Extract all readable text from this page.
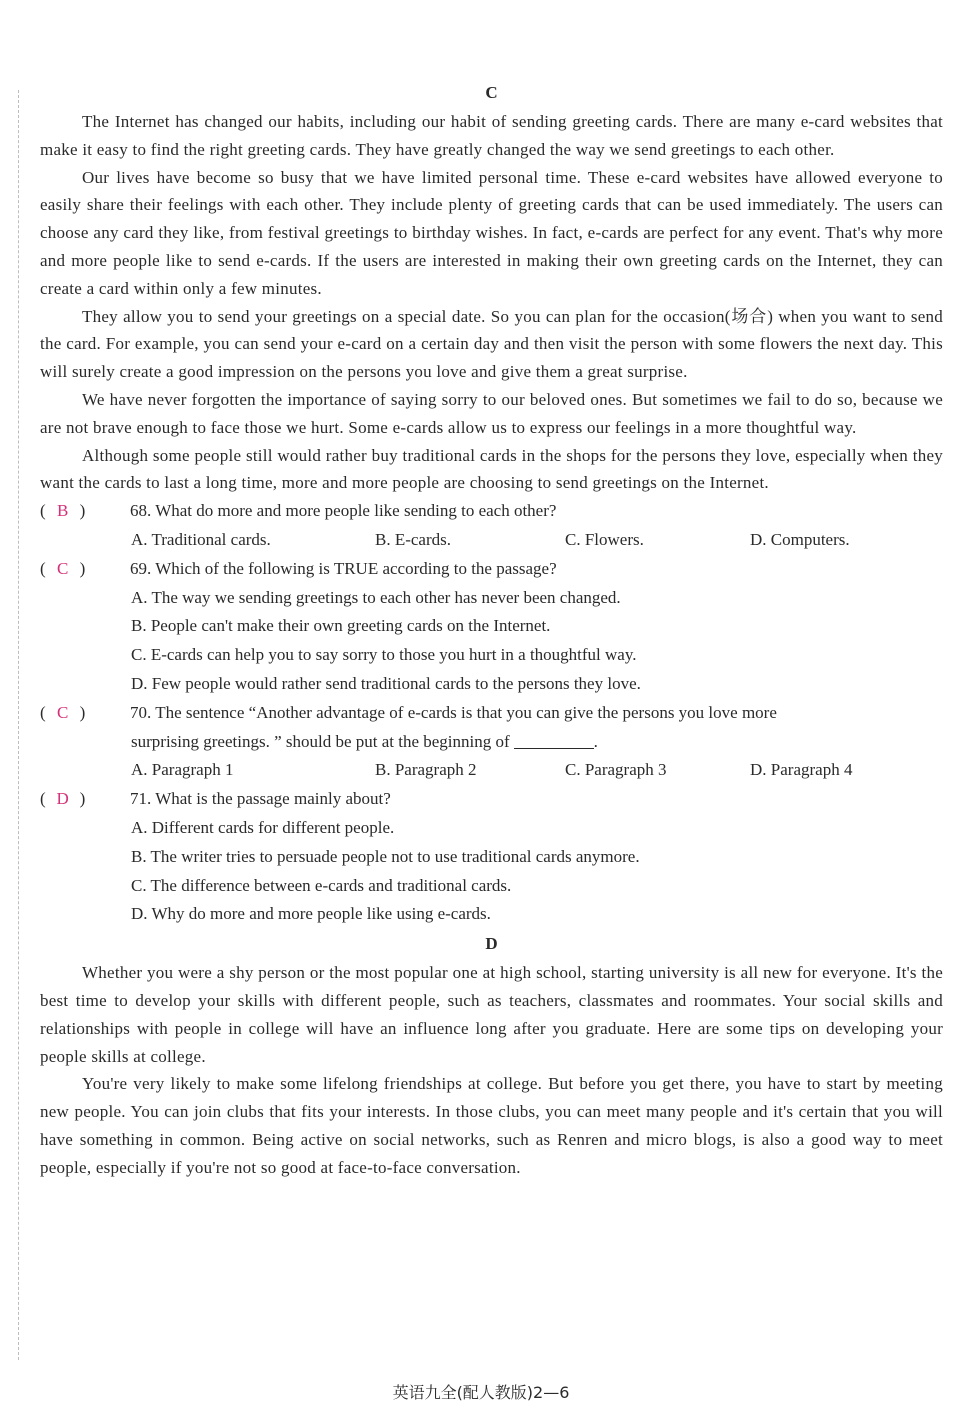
C

The Internet has changed our habits, including our habit of sending greeting cards. There are many e-card websites that make it easy to find the right greeting cards. They have greatly changed the way we send greetings to each other.

Our lives have become so busy that we have limited personal time. These e-card websites have allowed everyone to easily share their feelings with each other. They include plenty of greeting cards that can be used immediately. The users can choose any card they like, from festival greetings to birthday wishes. In fact, e-cards are perfect for any event. That's why more and more people like to send e-cards. If the users are interested in making their own greeting cards on the Internet, they can create a card within only a few minutes.

They allow you to send your greetings on a special date. So you can plan for the occasion(场合) when you want to send the card. For example, you can send your e-card on a certain day and then visit the person with some flowers the next day. This will surely create a good impression on the persons you love and give them a great surprise.

We have never forgotten the importance of saying sorry to our beloved ones. But sometimes we fail to do so, because we are not brave enough to face those we hurt. Some e-cards allow us to express our feelings in a more thoughtful way.

Although some people still would rather buy traditional cards in the shops for the persons they love, especially when they want the cards to last a long time, more and more people are choosing to send greetings on the Internet.

( B )	68. What do more and more people like sending to each other?
A. Traditional cards.	B. E-cards.	C. Flowers.	D. Computers.
( C )	69. Which of the following is TRUE according to the passage?
A. The way we sending greetings to each other has never been changed.
B. People can't make their own greeting cards on the Internet.
C. E-cards can help you to say sorry to those you hurt in a thoughtful way.
D. Few people would rather send traditional cards to the persons they love.
( C )	70. The sentence “Another advantage of e-cards is that you can give the persons you love more
surprising greetings. ” should be put at the beginning of	.
A. Paragraph 1	B. Paragraph 2	C. Paragraph 3	D. Paragraph 4
( D )	71. What is the passage mainly about?
A. Different cards for different people.
B. The writer tries to persuade people not to use traditional cards anymore.
C. The difference between e-cards and traditional cards.
D. Why do more and more people like using e-cards.
D

Whether you were a shy person or the most popular one at high school, starting university is all new for everyone. It's the best time to develop your skills with different people, such as teachers, classmates and roommates. Your social skills and relationships with people in college will have an influence long after you graduate. Here are some tips on developing your people skills at college.

You're very likely to make some lifelong friendships at college. But before you get there, you have to start by meeting new people. You can join clubs that fits your interests. In those clubs, you can meet many people and it's certain that you will have something in common. Being active on social networks, such as Renren and micro blogs, is also a good way to meet people, especially if you're not so good at face-to-face conversation.

英语九全(配人教版)2—6
